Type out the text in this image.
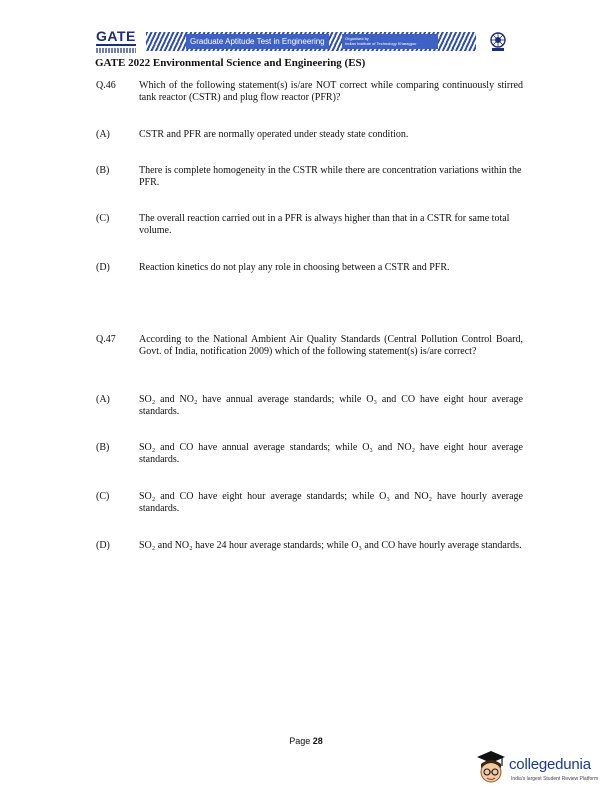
GATE	Graduate Aptitude Test in Engineering	Organised by
Indian Institute of Technology Kharagpur
GATE 2022 Environmental Science and Engineering (ES)
Q.46 Which of the following statement(s) is/are NOT correct while comparing continuously stirred tank reactor (CSTR) and plug flow reactor (PFR)?
(A)	CSTR and PFR are normally operated under steady state condition.
(B)	There is complete homogeneity in the CSTR while there are concentration variations within the PFR.
(C)	The overall reaction carried out in a PFR is always higher than that in a CSTR for same total volume.
(D)	Reaction kinetics do not play any role in choosing between a CSTR and PFR.
Q.47 According to the National Ambient Air Quality Standards (Central Pollution Control Board, Govt. of India, notification 2009) which of the following statement(s) is/are correct?
(A)	SO₂ and NO₂ have annual average standards; while O₃ and CO have eight hour average standards.
(B)	SO₂ and CO have annual average standards; while O₃ and NO₂ have eight hour average standards.
(C)	SO₂ and CO have eight hour average standards; while O₃ and NO₂ have hourly average standards.
(D)	SO₂ and NO₂ have 24 hour average standards; while O₃ and CO have hourly average standards.
Page 28
collegedunia
India's largest Student Review Platform
